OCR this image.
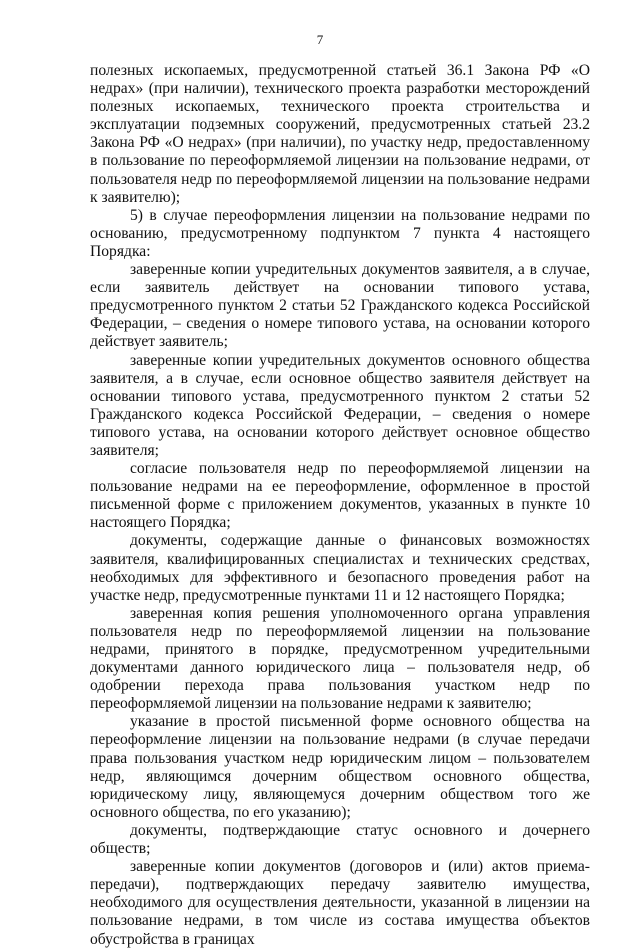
7

полезных ископаемых, предусмотренной статьей 36.1 Закона РФ «О недрах» (при наличии), технического проекта разработки месторождений полезных ископаемых, технического проекта строительства и эксплуатации подземных сооружений, предусмотренных статьей 23.2 Закона РФ «О недрах» (при наличии), по участку недр, предоставленному в пользование по переоформляемой лицензии на пользование недрами, от пользователя недр по переоформляемой лицензии на пользование недрами к заявителю);

5) в случае переоформления лицензии на пользование недрами по основанию, предусмотренному подпунктом 7 пункта 4 настоящего Порядка:

заверенные копии учредительных документов заявителя, а в случае, если заявитель действует на основании типового устава, предусмотренного пунктом 2 статьи 52 Гражданского кодекса Российской Федерации, – сведения о номере типового устава, на основании которого действует заявитель;

заверенные копии учредительных документов основного общества заявителя, а в случае, если основное общество заявителя действует на основании типового устава, предусмотренного пунктом 2 статьи 52 Гражданского кодекса Российской Федерации, – сведения о номере типового устава, на основании которого действует основное общество заявителя;

согласие пользователя недр по переоформляемой лицензии на пользование недрами на ее переоформление, оформленное в простой письменной форме с приложением документов, указанных в пункте 10 настоящего Порядка;

документы, содержащие данные о финансовых возможностях заявителя, квалифицированных специалистах и технических средствах, необходимых для эффективного и безопасного проведения работ на участке недр, предусмотренные пунктами 11 и 12 настоящего Порядка;

заверенная копия решения уполномоченного органа управления пользователя недр по переоформляемой лицензии на пользование недрами, принятого в порядке, предусмотренном учредительными документами данного юридического лица – пользователя недр, об одобрении перехода права пользования участком недр по переоформляемой лицензии на пользование недрами к заявителю;

указание в простой письменной форме основного общества на переоформление лицензии на пользование недрами (в случае передачи права пользования участком недр юридическим лицом – пользователем недр, являющимся дочерним обществом основного общества, юридическому лицу, являющемуся дочерним обществом того же основного общества, по его указанию);

документы, подтверждающие статус основного и дочернего обществ;

заверенные копии документов (договоров и (или) актов приема-передачи), подтверждающих передачу заявителю имущества, необходимого для осуществления деятельности, указанной в лицензии на пользование недрами, в том числе из состава имущества объектов обустройства в границах
